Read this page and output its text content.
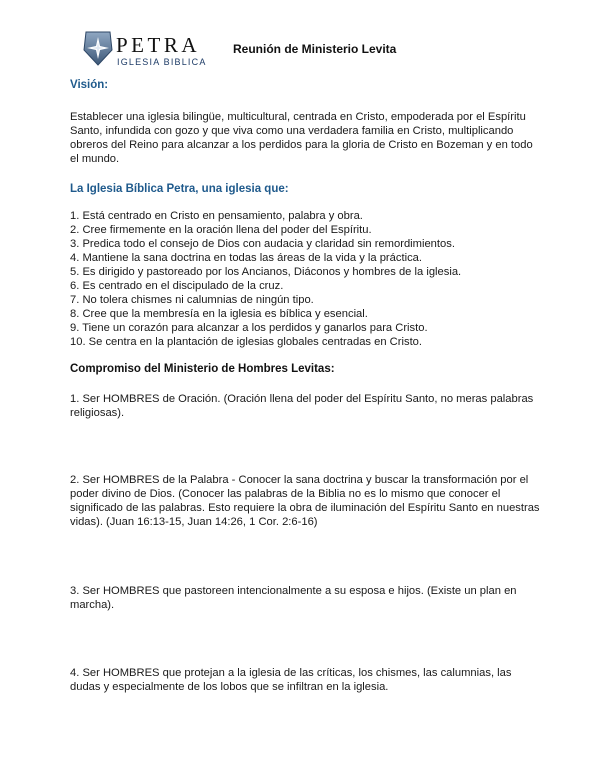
PETRA
IGLESIA BIBLICA
Reunión de Ministerio Levita
Visión:

Establecer una iglesia bilingüe, multicultural, centrada en Cristo, empoderada por el Espíritu Santo, infundida con gozo y que viva como una verdadera familia en Cristo, multiplicando obreros del Reino para alcanzar a los perdidos para la gloria de Cristo en Bozeman y en todo el mundo.

La Iglesia Bíblica Petra, una iglesia que:
1. Está centrado en Cristo en pensamiento, palabra y obra.
2. Cree firmemente en la oración llena del poder del Espíritu.
3. Predica todo el consejo de Dios con audacia y claridad sin remordimientos.
4. Mantiene la sana doctrina en todas las áreas de la vida y la práctica.
5. Es dirigido y pastoreado por los Ancianos, Diáconos y hombres de la iglesia.
6. Es centrado en el discipulado de la cruz.
7. No tolera chismes ni calumnias de ningún tipo.
8. Cree que la membresía en la iglesia es bíblica y esencial.
9. Tiene un corazón para alcanzar a los perdidos y ganarlos para Cristo.
10. Se centra en la plantación de iglesias globales centradas en Cristo.
Compromiso del Ministerio de Hombres Levitas:

1. Ser HOMBRES de Oración. (Oración llena del poder del Espíritu Santo, no meras palabras religiosas).

2. Ser HOMBRES de la Palabra - Conocer la sana doctrina y buscar la transformación por el poder divino de Dios. (Conocer las palabras de la Biblia no es lo mismo que conocer el significado de las palabras. Esto requiere la obra de iluminación del Espíritu Santo en nuestras vidas). (Juan 16:13-15, Juan 14:26, 1 Cor. 2:6-16)

3. Ser HOMBRES que pastoreen intencionalmente a su esposa e hijos. (Existe un plan en marcha).

4. Ser HOMBRES que protejan a la iglesia de las críticas, los chismes, las calumnias, las dudas y especialmente de los lobos que se infiltran en la iglesia.
